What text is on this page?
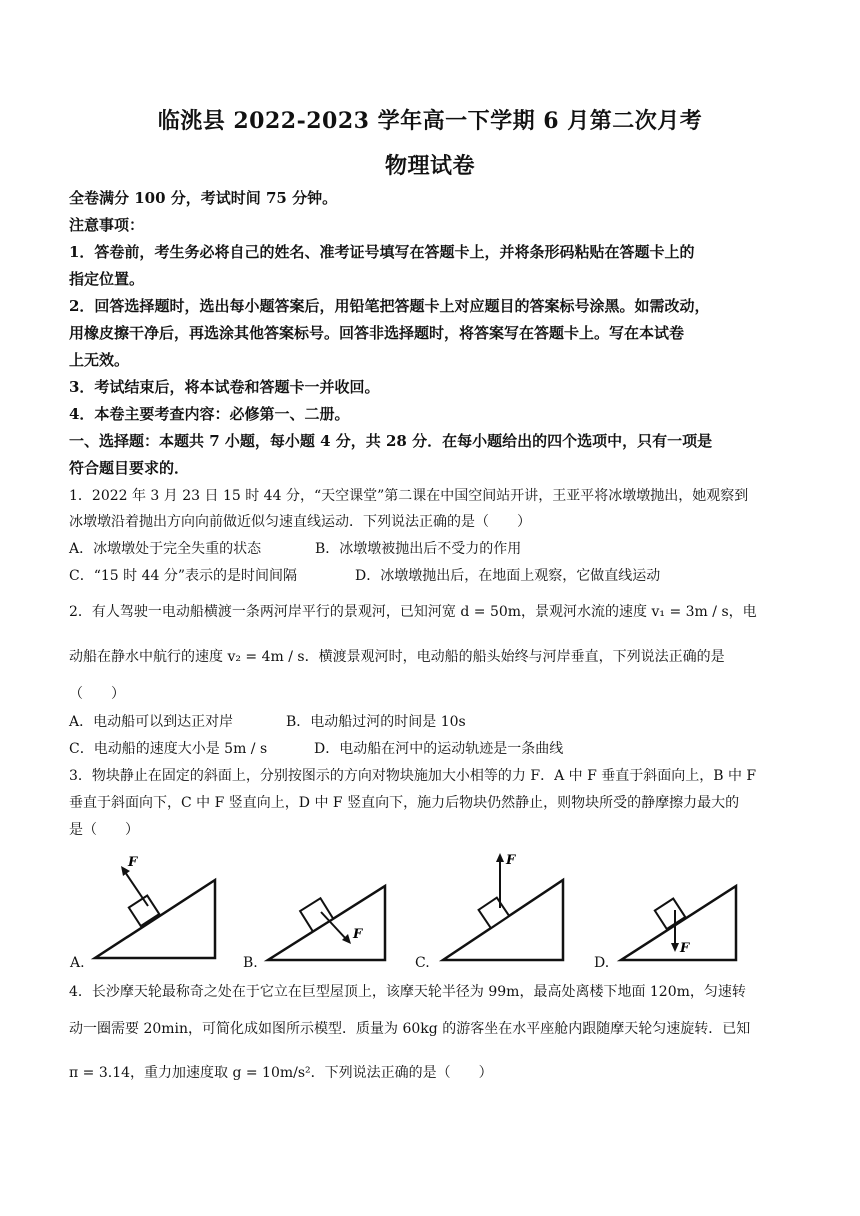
临洮县 2022-2023 学年高一下学期 6 月第二次月考
物理试卷
全卷满分 100 分，考试时间 75 分钟。
注意事项：
1．答卷前，考生务必将自己的姓名、准考证号填写在答题卡上，并将条形码粘贴在答题卡上的
指定位置。
2．回答选择题时，选出每小题答案后，用铅笔把答题卡上对应题目的答案标号涂黑。如需改动，
用橡皮擦干净后，再选涂其他答案标号。回答非选择题时，将答案写在答题卡上。写在本试卷
上无效。
3．考试结束后，将本试卷和答题卡一并收回。
4．本卷主要考查内容：必修第一、二册。
一、选择题：本题共 7 小题，每小题 4 分，共 28 分．在每小题给出的四个选项中，只有一项是
符合题目要求的．
1．2022 年 3 月 23 日 15 时 44 分，“天空课堂”第二课在中国空间站开讲，王亚平将冰墩墩抛出，她观察到
冰墩墩沿着抛出方向向前做近似匀速直线运动．下列说法正确的是（　　）
A．冰墩墩处于完全失重的状态	B．冰墩墩被抛出后不受力的作用
C．“15 时 44 分”表示的是时间间隔	D．冰墩墩抛出后，在地面上观察，它做直线运动
2．有人驾驶一电动船横渡一条两河岸平行的景观河，已知河宽 d = 50m，景观河水流的速度 v₁ = 3m / s，电
动船在静水中航行的速度 v₂ = 4m / s．横渡景观河时，电动船的船头始终与河岸垂直，下列说法正确的是
（　　）
A．电动船可以到达正对岸	B．电动船过河的时间是 10s
C．电动船的速度大小是 5m / s	D．电动船在河中的运动轨迹是一条曲线
3．物块静止在固定的斜面上，分别按图示的方向对物块施加大小相等的力 F．A 中 F 垂直于斜面向上，B 中 F
垂直于斜面向下，C 中 F 竖直向上，D 中 F 竖直向下，施力后物块仍然静止，则物块所受的静摩擦力最大的
是（　　）
F
A.
F
B.
F
C.
F
D.
4．长沙摩天轮最称奇之处在于它立在巨型屋顶上，该摩天轮半径为 99m，最高处离楼下地面 120m，匀速转
动一圈需要 20min，可简化成如图所示模型．质量为 60kg 的游客坐在水平座舱内跟随摩天轮匀速旋转．已知
π = 3.14，重力加速度取 g = 10m/s²．下列说法正确的是（　　）
